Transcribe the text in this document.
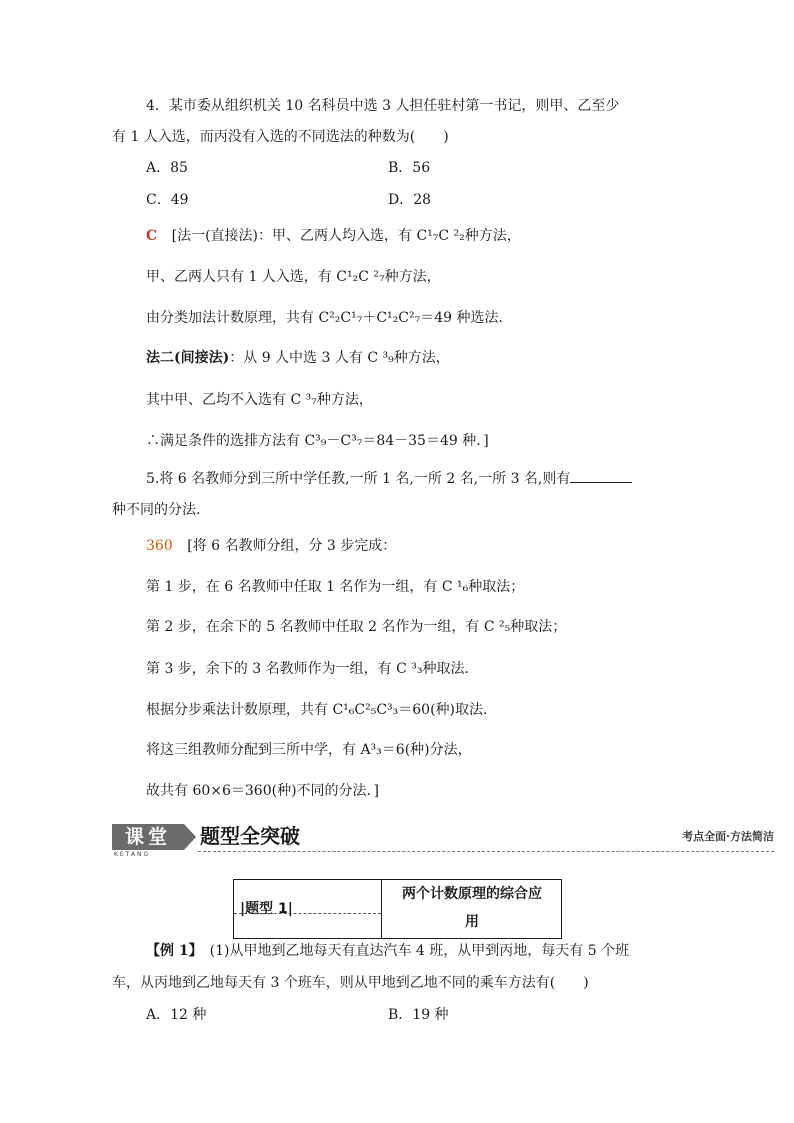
4．某市委从组织机关 10 名科员中选 3 人担任驻村第一书记，则甲、乙至少
有 1 人入选，而丙没有入选的不同选法的种数为(　　)
A．85	B．56
C．49	D．28
C [法一(直接法)：甲、乙两人均入选，有 C¹₇C ²₂种方法，
甲、乙两人只有 1 人入选，有 C¹₂C ²₇种方法，
由分类加法计数原理，共有 C²₂C¹₇＋C¹₂C²₇＝49 种选法．
法二(间接法)：从 9 人中选 3 人有 C ³₉种方法，
其中甲、乙均不入选有 C ³₇种方法，
∴满足条件的选排方法有 C³₉－C³₇＝84－35＝49 种．]
5.将 6 名教师分到三所中学任教,一所 1 名,一所 2 名,一所 3 名,则有
种不同的分法.
360 [将 6 名教师分组，分 3 步完成：
第 1 步，在 6 名教师中任取 1 名作为一组，有 C ¹₆种取法；
第 2 步，在余下的 5 名教师中任取 2 名作为一组，有 C ²₅种取法；
第 3 步，余下的 3 名教师作为一组，有 C ³₃种取法．
根据分步乘法计数原理，共有 C¹₆C²₅C³₃＝60(种)取法．
将这三组教师分配到三所中学，有 A³₃＝6(种)分法，
故共有 60×6＝360(种)不同的分法．]
课堂
KETANG
题型全突破	考点全面·方法简洁
|题型 1|
两个计数原理的综合应
用
【例 1】　(1)从甲地到乙地每天有直达汽车 4 班，从甲到丙地，每天有 5 个班
车，从丙地到乙地每天有 3 个班车，则从甲地到乙地不同的乘车方法有(　　)
A．12 种	B．19 种
